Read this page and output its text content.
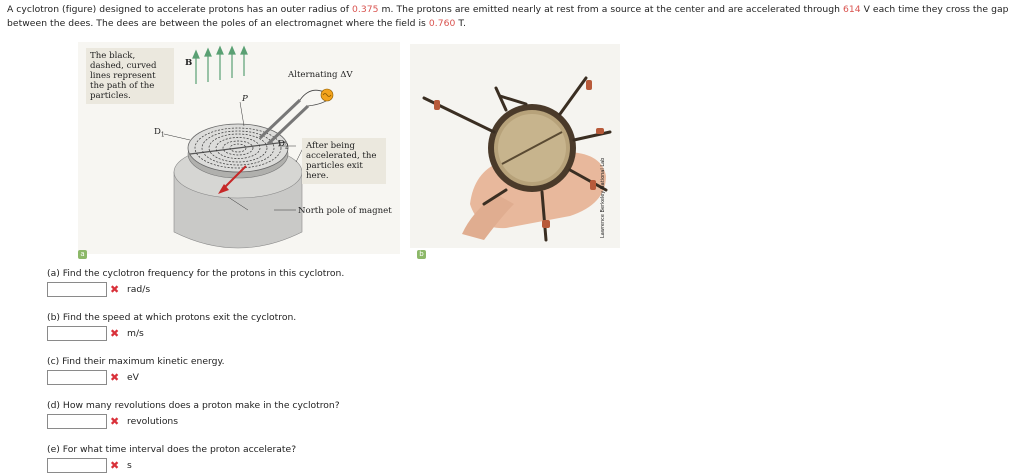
A cyclotron (figure) designed to accelerate protons has an outer radius of 0.375 m. The protons are emitted nearly at rest from a source at the center and are accelerated through 614 V each time they cross the gap between the dees. The dees are between the poles of an electromagnet where the field is 0.760 T.
The black, dashed, curved lines represent the path of the particles.
B
Alternating ΔV
P
$D_1$
$D_2$	After being accelerated, the particles exit here.
North pole of magnet
a
Lawrence Berkeley National Lab
b
(a) Find the cyclotron frequency for the protons in this cyclotron.
✖ rad/s
(b) Find the speed at which protons exit the cyclotron.
✖ m/s
(c) Find their maximum kinetic energy.
✖ eV
(d) How many revolutions does a proton make in the cyclotron?
✖ revolutions
(e) For what time interval does the proton accelerate?
✖ s
